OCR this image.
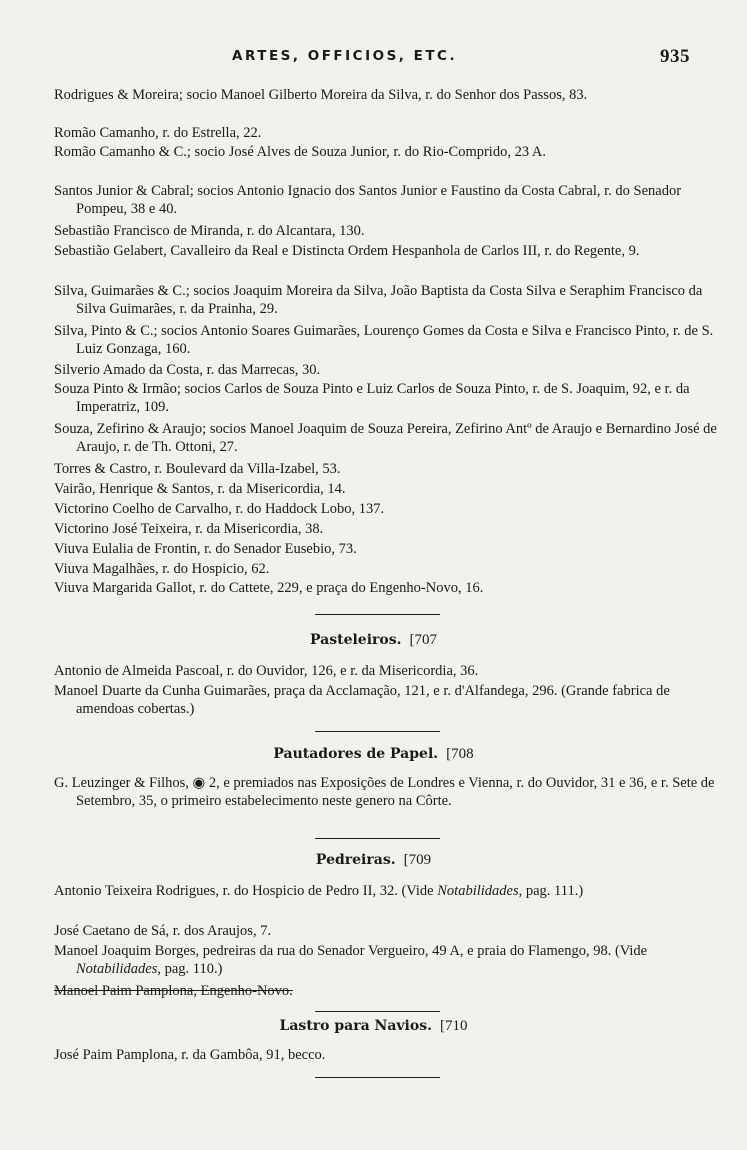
ARTES, OFFICIOS, ETC.	935
Rodrigues & Moreira; socio Manoel Gilberto Moreira da Silva, r. do Senhor dos Passos, 83.
Romão Camanho, r. do Estrella, 22.
Romão Camanho & C.; socio José Alves de Souza Junior, r. do Rio-Comprido, 23 A.
Santos Junior & Cabral; socios Antonio Ignacio dos Santos Junior e Faustino da Costa Cabral, r. do Senador Pompeu, 38 e 40.
Sebastião Francisco de Miranda, r. do Alcantara, 130.
Sebastião Gelabert, Cavalleiro da Real e Distincta Ordem Hespanhola de Carlos III, r. do Regente, 9.
Silva, Guimarães & C.; socios Joaquim Moreira da Silva, João Baptista da Costa Silva e Seraphim Francisco da Silva Guimarães, r. da Prainha, 29.
Silva, Pinto & C.; socios Antonio Soares Guimarães, Lourenço Gomes da Costa e Silva e Francisco Pinto, r. de S. Luiz Gonzaga, 160.
Silverio Amado da Costa, r. das Marrecas, 30.
Souza Pinto & Irmão; socios Carlos de Souza Pinto e Luiz Carlos de Souza Pinto, r. de S. Joaquim, 92, e r. da Imperatriz, 109.
Souza, Zefirino & Araujo; socios Manoel Joaquim de Souza Pereira, Zefirino Antº de Araujo e Bernardino José de Araujo, r. de Th. Ottoni, 27.
Torres & Castro, r. Boulevard da Villa-Izabel, 53.
Vairão, Henrique & Santos, r. da Misericordia, 14.
Victorino Coelho de Carvalho, r. do Haddock Lobo, 137.
Victorino José Teixeira, r. da Misericordia, 38.
Viuva Eulalia de Frontin, r. do Senador Eusebio, 73.
Viuva Magalhães, r. do Hospicio, 62.
Viuva Margarida Gallot, r. do Cattete, 229, e praça do Engenho-Novo, 16.
Pasteleiros. [707
Antonio de Almeida Pascoal, r. do Ouvidor, 126, e r. da Misericordia, 36.
Manoel Duarte da Cunha Guimarães, praça da Acclamação, 121, e r. d'Alfandega, 296. (Grande fabrica de amendoas cobertas.)
Pautadores de Papel. [708
G. Leuzinger & Filhos, ◉ 2, e premiados nas Exposições de Londres e Vienna, r. do Ouvidor, 31 e 36, e r. Sete de Setembro, 35, o primeiro estabelecimento neste genero na Côrte.
Pedreiras. [709
Antonio Teixeira Rodrigues, r. do Hospicio de Pedro II, 32. (Vide Notabilidades, pag. 111.)
José Caetano de Sá, r. dos Araujos, 7.
Manoel Joaquim Borges, pedreiras da rua do Senador Vergueiro, 49 A, e praia do Flamengo, 98. (Vide Notabilidades, pag. 110.)
Manoel Paim Pamplona, Engenho-Novo.
Lastro para Navios. [710
José Paim Pamplona, r. da Gambôa, 91, becco.
